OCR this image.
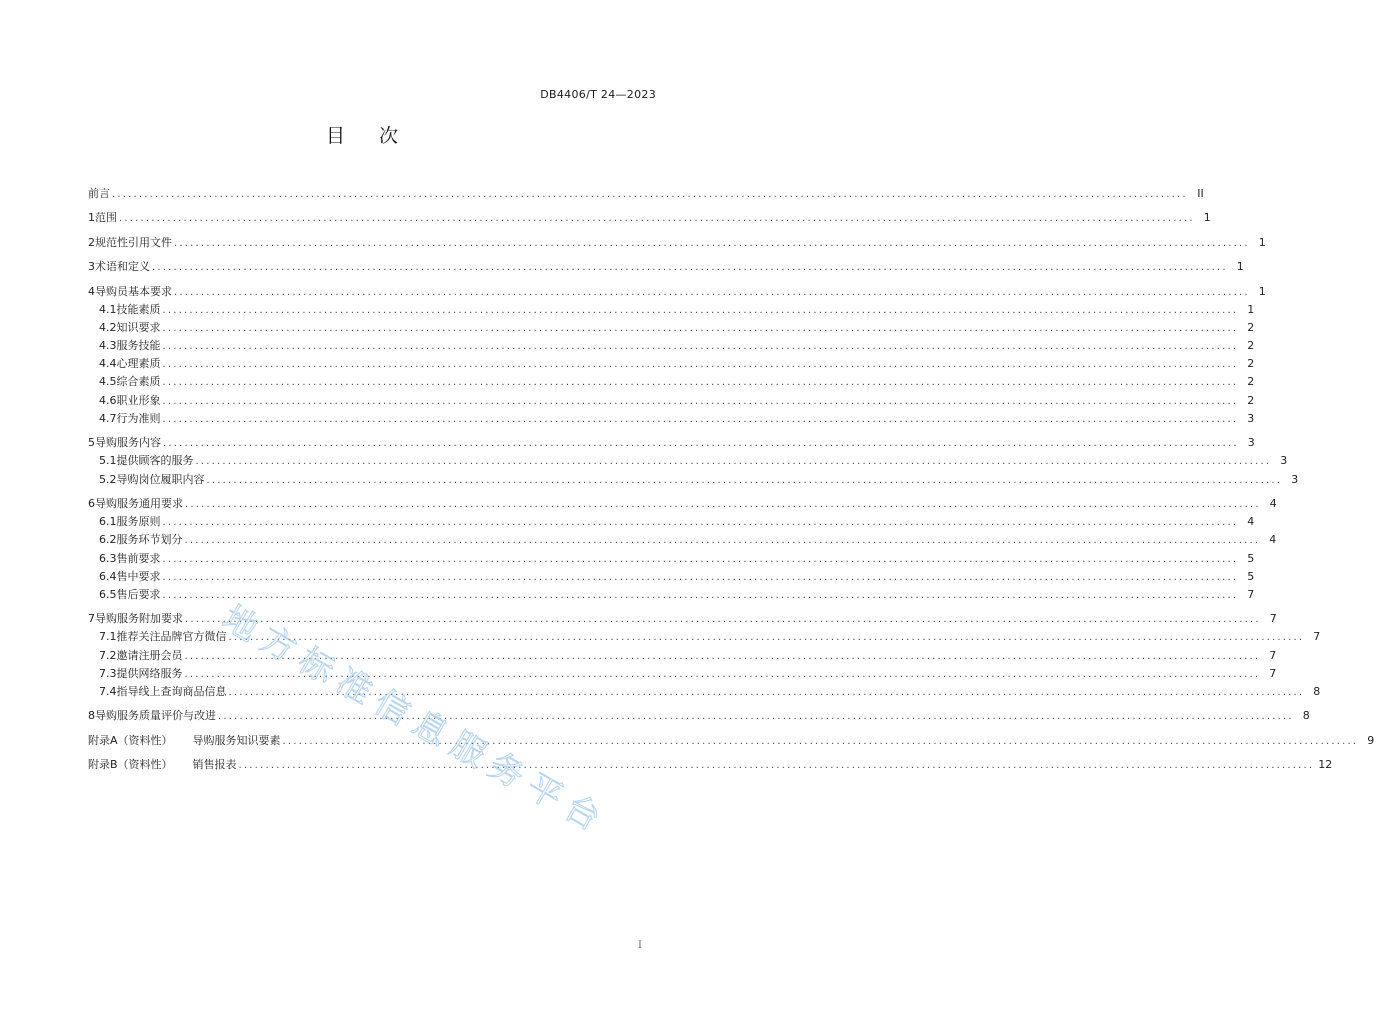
DB4406/T 24—2023
目次
前言 ........................................................................................................................................................................................................ II
1 范围 ........................................................................................................................................................................................................ 1
2 规范性引用文件 ........................................................................................................................................................................................................ 1
3 术语和定义 ........................................................................................................................................................................................................ 1
4 导购员基本要求 ........................................................................................................................................................................................................ 1
4.1 技能素质 ........................................................................................................................................................................................................ 1
4.2 知识要求 ........................................................................................................................................................................................................ 2
4.3 服务技能 ........................................................................................................................................................................................................ 2
4.4 心理素质 ........................................................................................................................................................................................................ 2
4.5 综合素质 ........................................................................................................................................................................................................ 2
4.6 职业形象 ........................................................................................................................................................................................................ 2
4.7 行为准则 ........................................................................................................................................................................................................ 3
5 导购服务内容 ........................................................................................................................................................................................................ 3
5.1 提供顾客的服务 ........................................................................................................................................................................................................ 3
5.2 导购岗位履职内容 ........................................................................................................................................................................................................ 3
6 导购服务通用要求 ........................................................................................................................................................................................................ 4
6.1 服务原则 ........................................................................................................................................................................................................ 4
6.2 服务环节划分 ........................................................................................................................................................................................................ 4
6.3 售前要求 ........................................................................................................................................................................................................ 5
6.4 售中要求 ........................................................................................................................................................................................................ 5
6.5 售后要求 ........................................................................................................................................................................................................ 7
7 导购服务附加要求 ........................................................................................................................................................................................................ 7
7.1 推荐关注品牌官方微信 ........................................................................................................................................................................................................ 7
7.2 邀请注册会员 ........................................................................................................................................................................................................ 7
7.3 提供网络服务 ........................................................................................................................................................................................................ 7
7.4 指导线上查询商品信息 ........................................................................................................................................................................................................ 8
8 导购服务质量评价与改进 ........................................................................................................................................................................................................ 8
附录A（资料性） 导购服务知识要素 ........................................................................................................................................................................................................ 9
附录B（资料性） 销售报表 ........................................................................................................................................................................................................ 12
I
地
方
标
准
信
息
服
务
平
台
